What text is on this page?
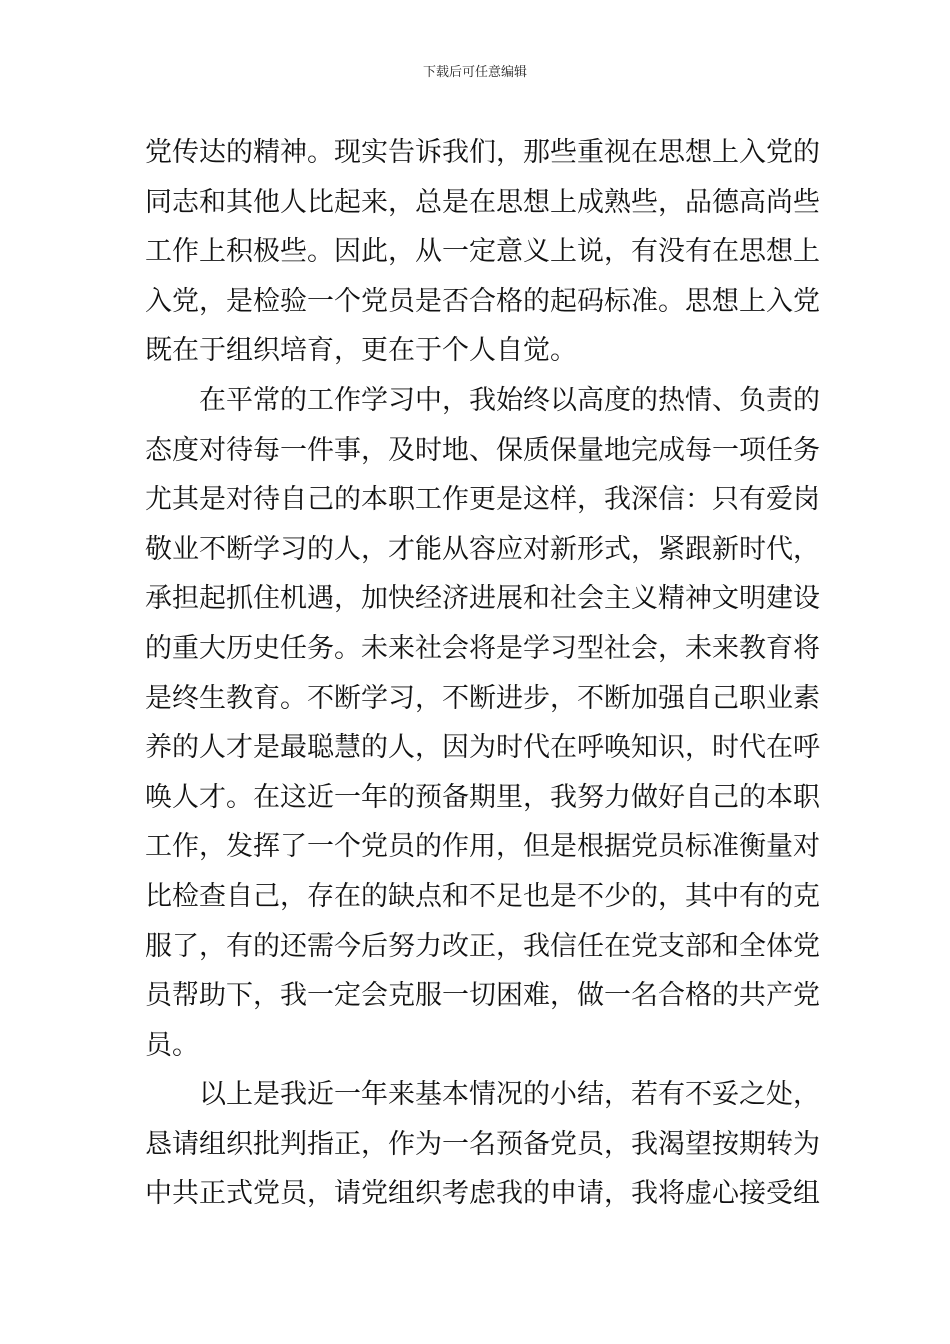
下载后可任意编辑
党传达的精神。现实告诉我们，那些重视在思想上入党的
同志和其他人比起来，总是在思想上成熟些，品德高尚些
工作上积极些。因此，从一定意义上说，有没有在思想上
入党，是检验一个党员是否合格的起码标准。思想上入党
既在于组织培育，更在于个人自觉。
在平常的工作学习中，我始终以高度的热情、负责的
态度对待每一件事，及时地、保质保量地完成每一项任务
尤其是对待自己的本职工作更是这样，我深信：只有爱岗
敬业不断学习的人，才能从容应对新形式，紧跟新时代，
承担起抓住机遇，加快经济进展和社会主义精神文明建设
的重大历史任务。未来社会将是学习型社会，未来教育将
是终生教育。不断学习，不断进步，不断加强自己职业素
养的人才是最聪慧的人，因为时代在呼唤知识，时代在呼
唤人才。在这近一年的预备期里，我努力做好自己的本职
工作，发挥了一个党员的作用，但是根据党员标准衡量对
比检查自己，存在的缺点和不足也是不少的，其中有的克
服了，有的还需今后努力改正，我信任在党支部和全体党
员帮助下，我一定会克服一切困难，做一名合格的共产党
员。
以上是我近一年来基本情况的小结，若有不妥之处，
恳请组织批判指正，作为一名预备党员，我渴望按期转为
中共正式党员，请党组织考虑我的申请，我将虚心接受组
